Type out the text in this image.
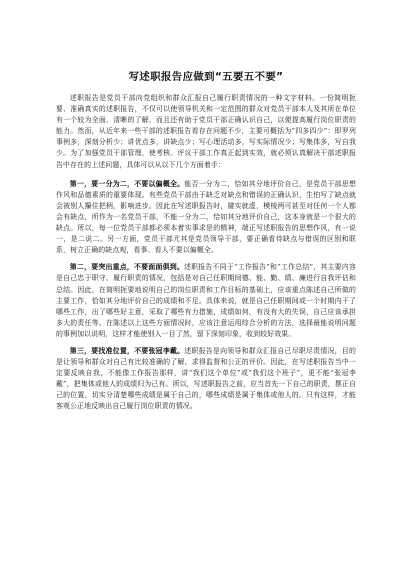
写述职报告应做到“五要五不要”

述职报告是党员干部向党组织和群众汇报自己履行职责情况的一种文字材料。一份简明扼要、准确真实的述职报告，不仅可以使领导机关和一定范围的群众对党员干部本人及其所在单位有一个较为全面、清晰的了解，而且还有助于党员干部正确认识自己，以便提高履行岗位职责的能力。然而，从近年来一些干部的述职报告看存在问题不少，主要可概括为“四多四少”：即罗列事例多，深刻分析少；讲优点多，讲缺点少；写心理活动多，写实际情况少；写集体多，写自我少。为了加强党员干部管理，使考核、评议干部工作真正起到实效，就必须认真解决干部述职报告中存在的上述问题，具体可以从以下几个方面着手：

第一，要一分为二，不要以偏概全。能否一分为二，恰如其分地评价自己，是党员干部思想作风和品德素质的重要体现。有些党员干部由于缺乏对缺点和错误的正确认识，生怕写了缺点就会被别人攥住把柄，影响进步。因此在写述职报告时，避实就虚，模棱两可甚至对任何一个人都会有缺点，所作为一名党员干部，不能一分为二，恰如其分地评价自己，这本身就是一个很大的缺点。所以，每一位党员干部都必须本着实事求是的精神，端正写述职报告的思想作风，有一说一，是二说二。另一方面，党员干部尤其是党员领导干部，要正确看待缺点与错误的区别和联系，树立正确的缺点观，看事、看人不要以偏概全。

第二，要突出重点，不要面面俱到。述职报告不同于“工作报告”和“工作总结”，其主要内容是自己忠于职守、履行职责的情况，包括是对自己任职期间德、能、勤、绩、廉进行自我评估和总结。因此，在简明扼要地说明自己的岗位职责和工作目标的基础上，应该重点陈述自己所做的主要工作，恰如其分地评价自己的成绩和不足。具体来说，就是自己任职期间或一个时期内干了哪些工作，出了哪些好主意，采取了哪些有力措施，成绩如何，有没有大的失误，自己应该承担多大的责任等。在陈述以上这些方面情况时，应该注意运用综合分析的方法，选择最能说明问题的事例加以说明，这样才能使别人一目了然，留下深刻印象，收到较好效果。

第三，要找准位置，不要张冠李戴。述职报告是向领导和群众汇报自己尽职尽责情况，目的是让领导和群众对自己有比较准确的了解，求得监督和公正的评价。因此，在写述职报告当中一定要反映自我，不能像工作报告那样，讲“我们这个单位”或“我们这个班子”，更不能“张冠李戴”，把集体或他人的成绩归为己有。所以，写述职报告之前，应当首先一下自己的职责，摆正自己的位置，切实分清楚哪些成绩是属于自己的，哪些成绩是属于集体或他人的。只有这样，才能客观公正地反映出自己履行岗位职责的情况。
